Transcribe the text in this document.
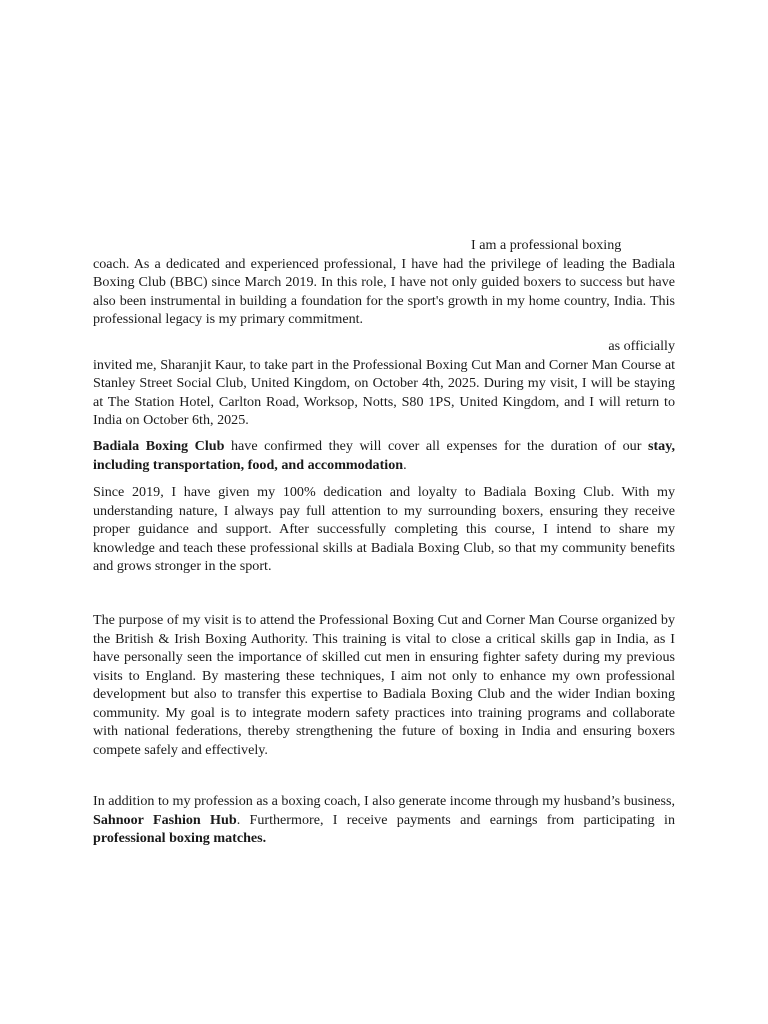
I am a professional boxing
coach. As a dedicated and experienced professional, I have had the privilege of leading the Badiala Boxing Club (BBC) since March 2019. In this role, I have not only guided boxers to success but have also been instrumental in building a foundation for the sport's growth in my home country, India. This professional legacy is my primary commitment.

as officially
invited me, Sharanjit Kaur, to take part in the Professional Boxing Cut Man and Corner Man Course at Stanley Street Social Club, United Kingdom, on October 4th, 2025. During my visit, I will be staying at The Station Hotel, Carlton Road, Worksop, Notts, S80 1PS, United Kingdom, and I will return to India on October 6th, 2025.

Badiala Boxing Club have confirmed they will cover all expenses for the duration of our stay, including transportation, food, and accommodation.

Since 2019, I have given my 100% dedication and loyalty to Badiala Boxing Club. With my understanding nature, I always pay full attention to my surrounding boxers, ensuring they receive proper guidance and support. After successfully completing this course, I intend to share my knowledge and teach these professional skills at Badiala Boxing Club, so that my community benefits and grows stronger in the sport.

The purpose of my visit is to attend the Professional Boxing Cut and Corner Man Course organized by the British & Irish Boxing Authority. This training is vital to close a critical skills gap in India, as I have personally seen the importance of skilled cut men in ensuring fighter safety during my previous visits to England. By mastering these techniques, I aim not only to enhance my own professional development but also to transfer this expertise to Badiala Boxing Club and the wider Indian boxing community. My goal is to integrate modern safety practices into training programs and collaborate with national federations, thereby strengthening the future of boxing in India and ensuring boxers compete safely and effectively.

In addition to my profession as a boxing coach, I also generate income through my husband’s business, Sahnoor Fashion Hub. Furthermore, I receive payments and earnings from participating in professional boxing matches.
